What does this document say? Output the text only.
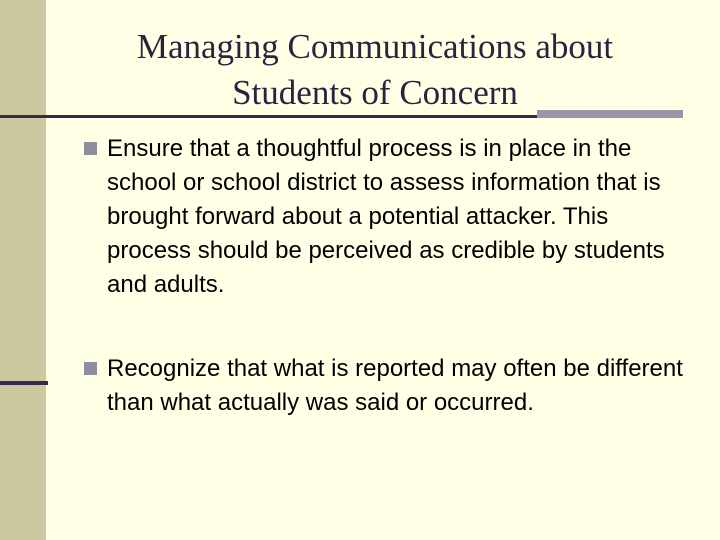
Managing Communications about
Students of Concern
Ensure that a thoughtful process is in place in the school or school district to assess information that is brought forward about a potential attacker. This process should be perceived as credible by students and adults.
Recognize that what is reported may often be different than what actually was said or occurred.
